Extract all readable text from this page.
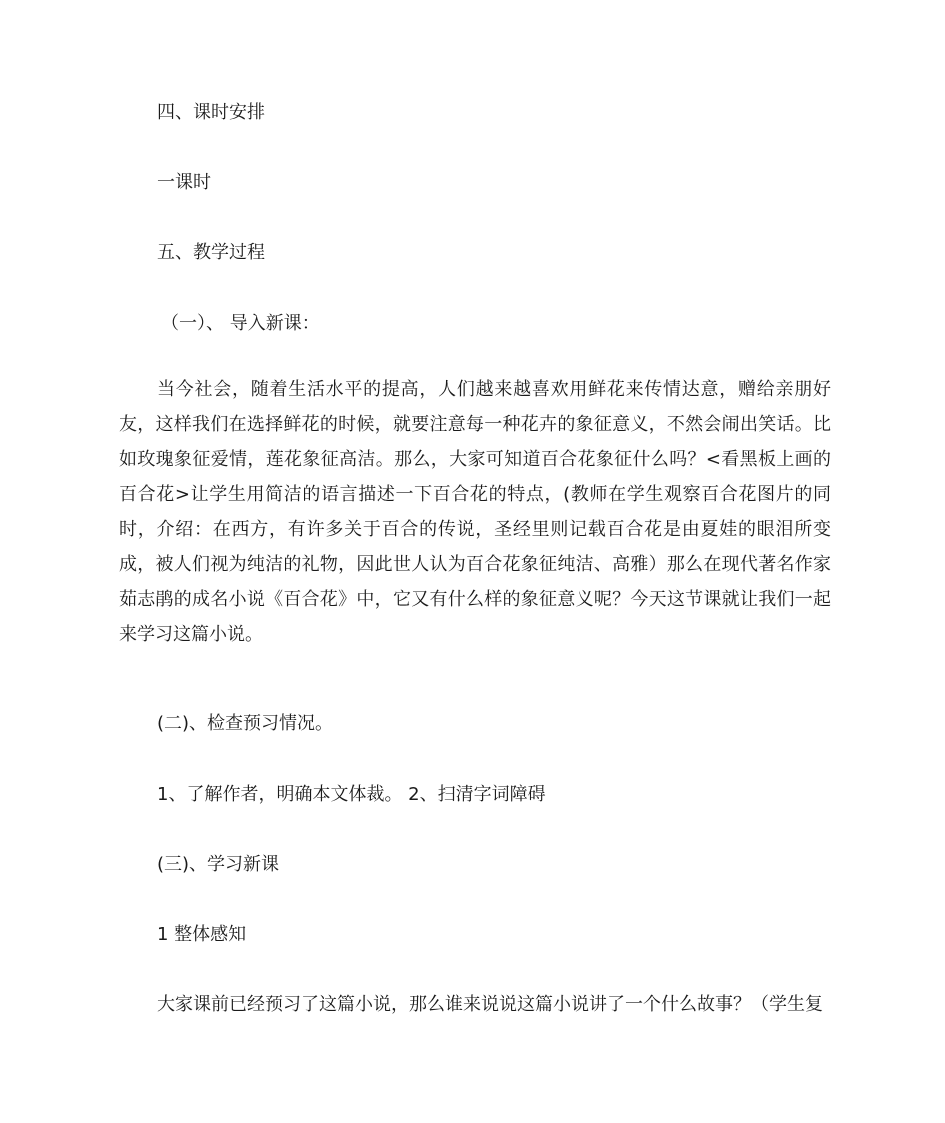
四、课时安排
一课时
五、教学过程
（一）、 导入新课：

当今社会，随着生活水平的提高，人们越来越喜欢用鲜花来传情达意，赠给亲朋好友，这样我们在选择鲜花的时候，就要注意每一种花卉的象征意义，不然会闹出笑话。比如玫瑰象征爱情，莲花象征高洁。那么，大家可知道百合花象征什么吗？<看黑板上画的百合花>让学生用简洁的语言描述一下百合花的特点，(教师在学生观察百合花图片的同时，介绍：在西方，有许多关于百合的传说，圣经里则记载百合花是由夏娃的眼泪所变成，被人们视为纯洁的礼物，因此世人认为百合花象征纯洁、高雅）那么在现代著名作家茹志鹃的成名小说《百合花》中，它又有什么样的象征意义呢？今天这节课就让我们一起来学习这篇小说。

(二)、检查预习情况。
1、了解作者，明确本文体裁。 2、扫清字词障碍
(三)、学习新课
1 整体感知

大家课前已经预习了这篇小说，那么谁来说说这篇小说讲了一个什么故事？（学生复
